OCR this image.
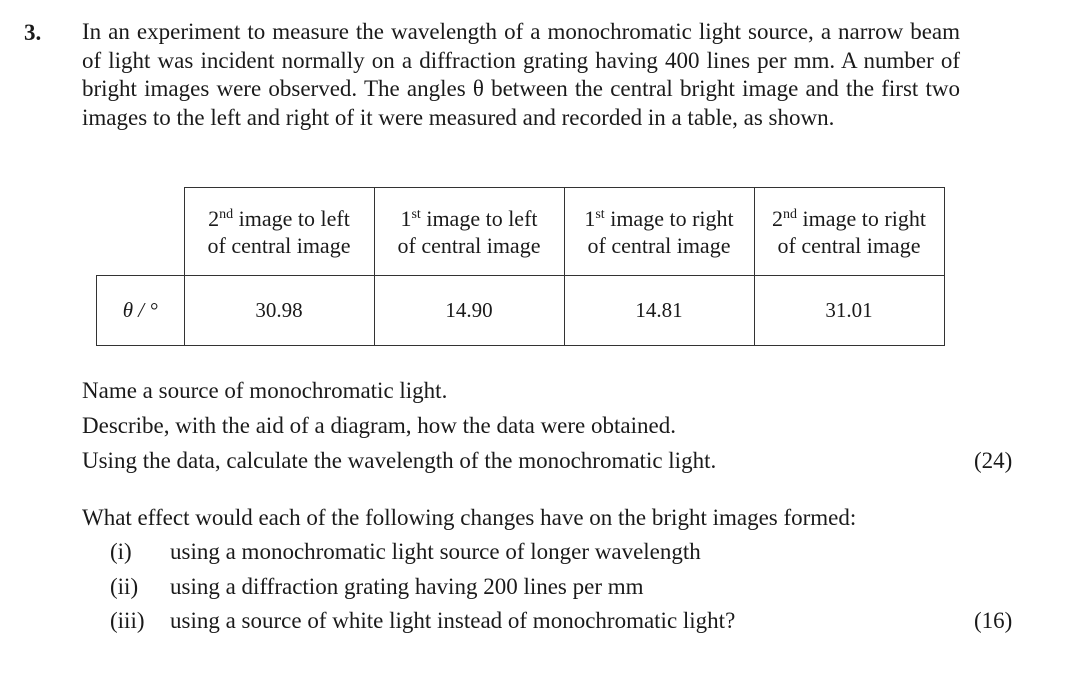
3. In an experiment to measure the wavelength of a monochromatic light source, a narrow beam of light was incident normally on a diffraction grating having 400 lines per mm. A number of bright images were observed. The angles θ between the central bright image and the first two images to the left and right of it were measured and recorded in a table, as shown.

	2nd image to left
of central image	1st image to left
of central image	1st image to right
of central image	2nd image to right
of central image
θ / °	30.98	14.90	14.81	31.01

Name a source of monochromatic light.

Describe, with the aid of a diagram, how the data were obtained.

Using the data, calculate the wavelength of the monochromatic light.	(24)

What effect would each of the following changes have on the bright images formed:

(i) using a monochromatic light source of longer wavelength
(ii) using a diffraction grating having 200 lines per mm
(iii) using a source of white light instead of monochromatic light?	(16)
